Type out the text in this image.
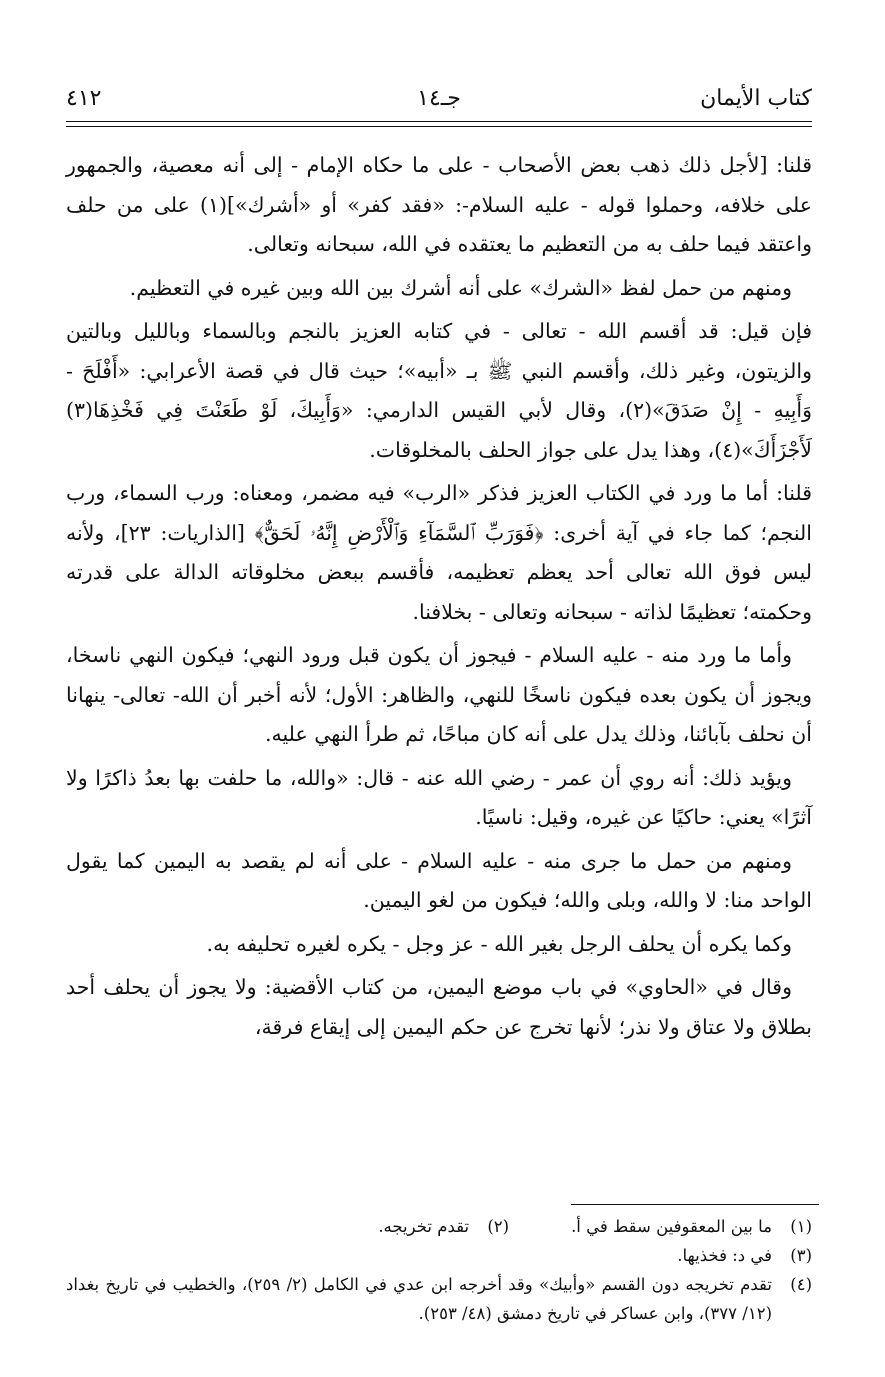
كتاب الأيمان
جـ١٤
٤١٢

قلنا: [لأجل ذلك ذهب بعض الأصحاب - على ما حكاه الإمام - إلى أنه معصية، والجمهور على خلافه، وحملوا قوله - عليه السلام-: «فقد كفر» أو «أشرك»](١) على من حلف واعتقد فيما حلف به من التعظيم ما يعتقده في الله، سبحانه وتعالى.

ومنهم من حمل لفظ «الشرك» على أنه أشرك بين الله وبين غيره في التعظيم.

فإن قيل: قد أقسم الله - تعالى - في كتابه العزيز بالنجم وبالسماء وبالليل وبالتين والزيتون، وغير ذلك، وأقسم النبي ﷺ بـ «أبيه»؛ حيث قال في قصة الأعرابي: «أَفْلَحَ - وَأَبِيهِ - إِنْ صَدَقَ»(٢)، وقال لأبي القيس الدارمي: «وَأَبِيكَ، لَوْ طَعَنْتَ فِي فَخْذِهَا(٣) لَأَجْزَأَكَ»(٤)، وهذا يدل على جواز الحلف بالمخلوقات.

قلنا: أما ما ورد في الكتاب العزيز فذكر «الرب» فيه مضمر، ومعناه: ورب السماء، ورب النجم؛ كما جاء في آية أخرى: ﴿فَوَرَبِّ ٱلسَّمَآءِ وَٱلْأَرْضِ إِنَّهُۥ لَحَقٌّ﴾ [الذاريات: ٢٣]، ولأنه ليس فوق الله تعالى أحد يعظم تعظيمه، فأقسم ببعض مخلوقاته الدالة على قدرته وحكمته؛ تعظيمًا لذاته - سبحانه وتعالى - بخلافنا.

وأما ما ورد منه - عليه السلام - فيجوز أن يكون قبل ورود النهي؛ فيكون النهي ناسخا، ويجوز أن يكون بعده فيكون ناسخًا للنهي، والظاهر: الأول؛ لأنه أخبر أن الله- تعالى- ينهانا أن نحلف بآبائنا، وذلك يدل على أنه كان مباحًا، ثم طرأ النهي عليه.

ويؤيد ذلك: أنه روي أن عمر - رضي الله عنه - قال: «والله، ما حلفت بها بعدُ ذاكرًا ولا آثرًا» يعني: حاكيًا عن غيره، وقيل: ناسيًا.

ومنهم من حمل ما جرى منه - عليه السلام - على أنه لم يقصد به اليمين كما يقول الواحد منا: لا والله، وبلى والله؛ فيكون من لغو اليمين.

وكما يكره أن يحلف الرجل بغير الله - عز وجل - يكره لغيره تحليفه به.

وقال في «الحاوي» في باب موضع اليمين، من كتاب الأقضية: ولا يجوز أن يحلف أحد بطلاق ولا عتاق ولا نذر؛ لأنها تخرج عن حكم اليمين إلى إيقاع فرقة،

(١)
ما بين المعقوفين سقط في أ.
(٢)
تقدم تخريجه.
(٣)
في د: فخذيها.
(٤)
تقدم تخريجه دون القسم «وأبيك» وقد أخرجه ابن عدي في الكامل (٢/ ٢٥٩)، والخطيب في تاريخ بغداد (١٢/ ٣٧٧)، وابن عساكر في تاريخ دمشق (٤٨/ ٢٥٣).
